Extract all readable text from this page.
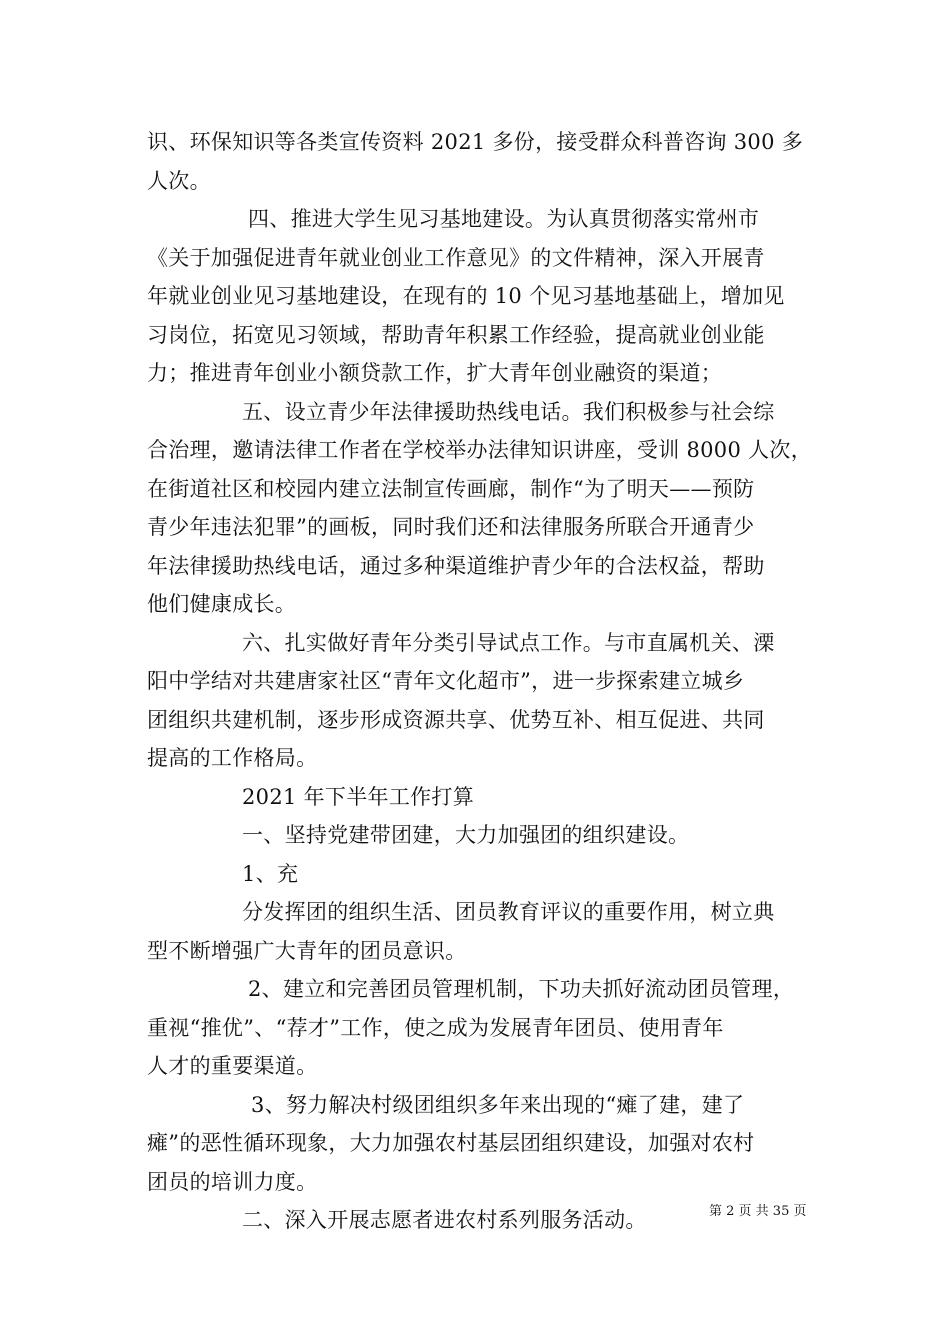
识、环保知识等各类宣传资料 2021 多份，接受群众科普咨询 300 多
人次。
四、推进大学生见习基地建设。为认真贯彻落实常州市
《关于加强促进青年就业创业工作意见》的文件精神，深入开展青
年就业创业见习基地建设，在现有的 10 个见习基地基础上，增加见
习岗位，拓宽见习领域，帮助青年积累工作经验，提高就业创业能
力；推进青年创业小额贷款工作，扩大青年创业融资的渠道；
五、设立青少年法律援助热线电话。我们积极参与社会综
合治理，邀请法律工作者在学校举办法律知识讲座，受训 8000 人次，
在街道社区和校园内建立法制宣传画廊，制作“为了明天——预防
青少年违法犯罪”的画板，同时我们还和法律服务所联合开通青少
年法律援助热线电话，通过多种渠道维护青少年的合法权益，帮助
他们健康成长。
六、扎实做好青年分类引导试点工作。与市直属机关、溧
阳中学结对共建唐家社区“青年文化超市”，进一步探索建立城乡
团组织共建机制，逐步形成资源共享、优势互补、相互促进、共同
提高的工作格局。
2021 年下半年工作打算
一、坚持党建带团建，大力加强团的组织建设。
1、充
分发挥团的组织生活、团员教育评议的重要作用，树立典
型不断增强广大青年的团员意识。
2、建立和完善团员管理机制，下功夫抓好流动团员管理，
重视“推优”、“荐才”工作，使之成为发展青年团员、使用青年
人才的重要渠道。
3、努力解决村级团组织多年来出现的“瘫了建，建了
瘫”的恶性循环现象，大力加强农村基层团组织建设，加强对农村
团员的培训力度。
二、深入开展志愿者进农村系列服务活动。	第 2 页 共 35 页
